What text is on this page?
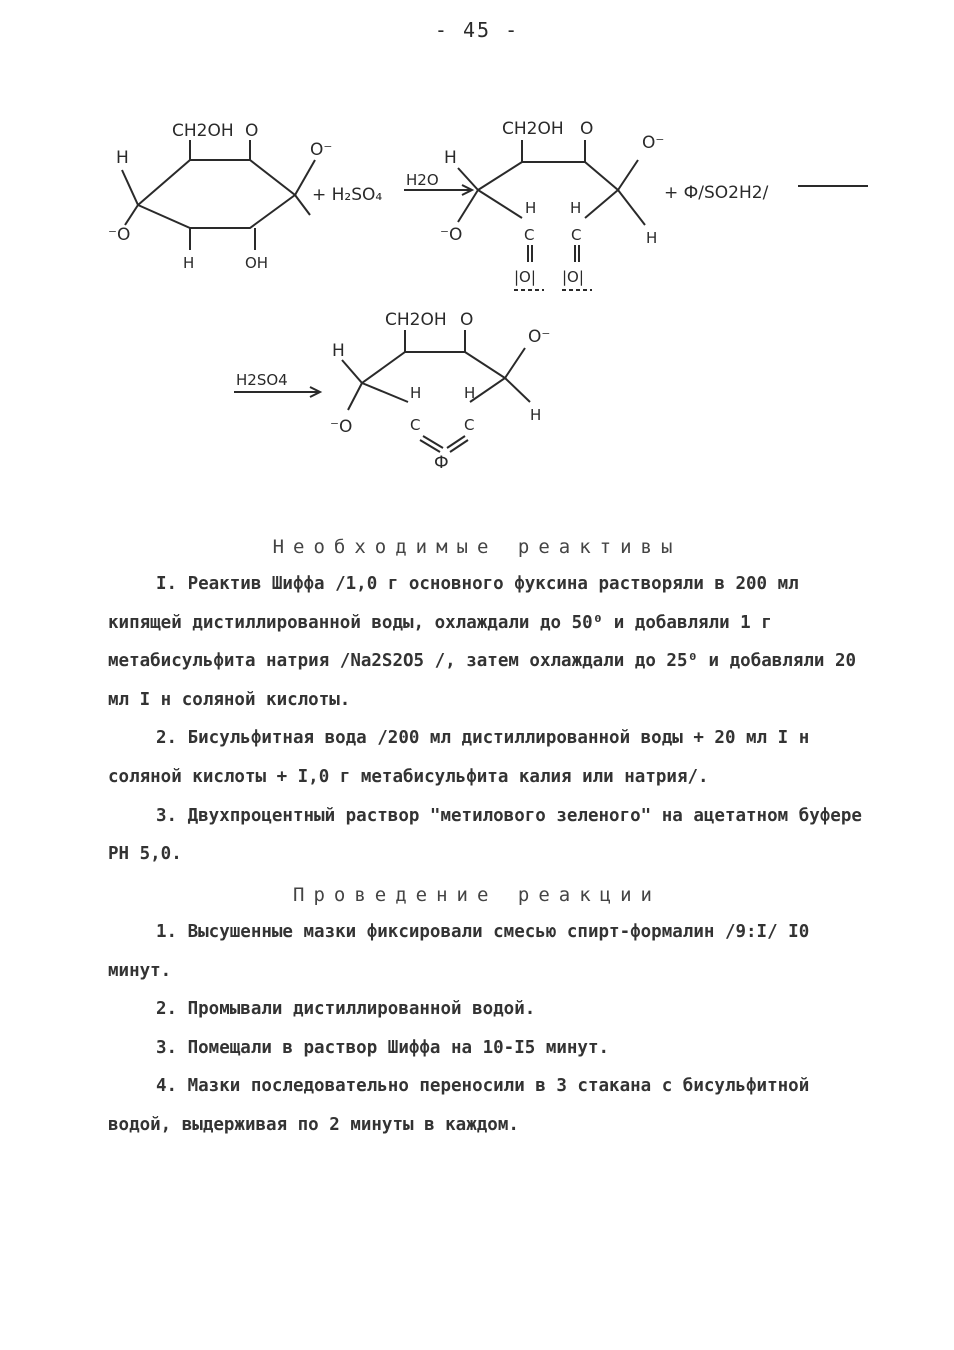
- 45 -
CH2OH O
H	O⁻
⁻O
H	OH
+ H₂SO₄
H2O
CH2OH O
H
O⁻
⁻O	H
H H
C C
|O| |O|
+ Ф/SO2H2/
H2SO4
CH2OH O
H
O⁻
⁻O
H
H	H
C	C
Ф
Необходимые реактивы
I. Реактив Шиффа /1,0 г основного фуксина растворяли в 200 мл кипящей дистиллированной воды, охлаждали до 50⁰ и добавляли 1 г метабисульфита натрия /Na2S2O5 /, затем охлаждали до 25⁰ и добавляли 20 мл I н соляной кислоты.
2. Бисульфитная вода /200 мл дистиллированной воды + 20 мл I н соляной кислоты + I,0 г метабисульфита калия или натрия/.
3. Двухпроцентный раствор "метилового зеленого" на ацетатном буфере РН 5,0.
Проведение реакции
1. Высушенные мазки фиксировали смесью спирт-формалин /9:I/ I0 минут.
2. Промывали дистиллированной водой.
3. Помещали в раствор Шиффа на 10-I5 минут.
4. Мазки последовательно переносили в 3 стакана с бисульфитной водой, выдерживая по 2 минуты в каждом.
